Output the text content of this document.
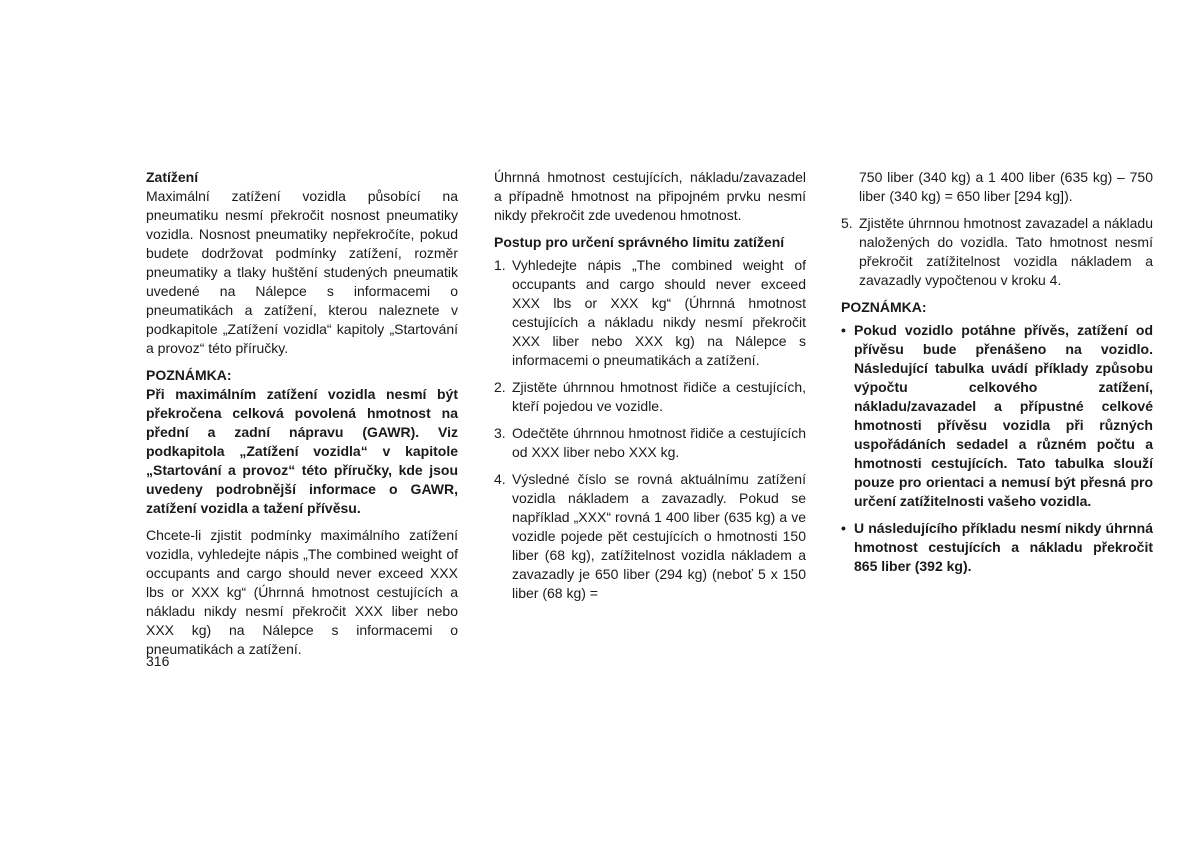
Zatížení

Maximální zatížení vozidla působící na pneumatiku nesmí překročit nosnost pneumatiky vozidla. Nosnost pneumatiky nepřekročíte, pokud budete dodržovat podmínky zatížení, rozměr pneumatiky a tlaky huštění studených pneumatik uvedené na Nálepce s informacemi o pneumatikách a zatížení, kterou naleznete v podkapitole „Zatížení vozidla“ kapitoly „Startování a provoz“ této příručky.

POZNÁMKA:

Při maximálním zatížení vozidla nesmí být překročena celková povolená hmotnost na přední a zadní nápravu (GAWR). Viz podkapitola „Zatížení vozidla“ v kapitole „Startování a provoz“ této příručky, kde jsou uvedeny podrobnější informace o GAWR, zatížení vozidla a tažení přívěsu.

Chcete-li zjistit podmínky maximálního zatížení vozidla, vyhledejte nápis „The combined weight of occupants and cargo should never exceed XXX lbs or XXX kg“ (Úhrnná hmotnost cestujících a nákladu nikdy nesmí překročit XXX liber nebo XXX kg) na Nálepce s informacemi o pneumatikách a zatížení.

Úhrnná hmotnost cestujících, nákladu/zavazadel a případně hmotnost na připojném prvku nesmí nikdy překročit zde uvedenou hmotnost.

Postup pro určení správného limitu zatížení

1. Vyhledejte nápis „The combined weight of occupants and cargo should never exceed XXX lbs or XXX kg“ (Úhrnná hmotnost cestujících a nákladu nikdy nesmí překročit XXX liber nebo XXX kg) na Nálepce s informacemi o pneumatikách a zatížení.
2. Zjistěte úhrnnou hmotnost řidiče a cestujících, kteří pojedou ve vozidle.
3. Odečtěte úhrnnou hmotnost řidiče a cestujících od XXX liber nebo XXX kg.
4. Výsledné číslo se rovná aktuálnímu zatížení vozidla nákladem a zavazadly. Pokud se například „XXX“ rovná 1 400 liber (635 kg) a ve vozidle pojede pět cestujících o hmotnosti 150 liber (68 kg), zatížitelnost vozidla nákladem a zavazadly je 650 liber (294 kg) (neboť 5 x 150 liber (68 kg) =

750 liber (340 kg) a 1 400 liber (635 kg) – 750 liber (340 kg) = 650 liber [294 kg]).

5. Zjistěte úhrnnou hmotnost zavazadel a nákladu naložených do vozidla. Tato hmotnost nesmí překročit zatížitelnost vozidla nákladem a zavazadly vypočtenou v kroku 4.

POZNÁMKA:

• Pokud vozidlo potáhne přívěs, zatížení od přívěsu bude přenášeno na vozidlo. Následující tabulka uvádí příklady způsobu výpočtu celkového zatížení, nákladu/zavazadel a přípustné celkové hmotnosti přívěsu vozidla při různých uspořádáních sedadel a různém počtu a hmotnosti cestujících. Tato tabulka slouží pouze pro orientaci a nemusí být přesná pro určení zatížitelnosti vašeho vozidla.
• U následujícího příkladu nesmí nikdy úhrnná hmotnost cestujících a nákladu překročit 865 liber (392 kg).
316
